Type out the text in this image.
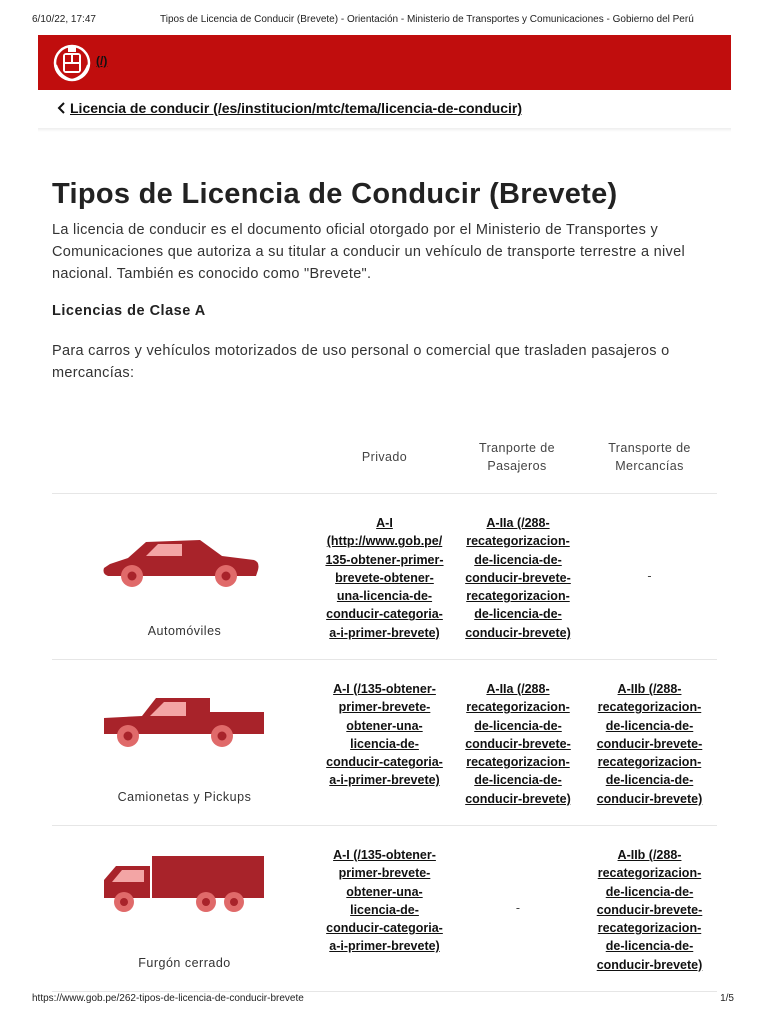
6/10/22, 17:47	Tipos de Licencia de Conducir (Brevete) - Orientación - Ministerio de Transportes y Comunicaciones - Gobierno del Perú
(/)
Licencia de conducir (/es/institucion/mtc/tema/licencia-de-conducir)
Tipos de Licencia de Conducir (Brevete)

La licencia de conducir es el documento oficial otorgado por el Ministerio de Transportes y Comunicaciones que autoriza a su titular a conducir un vehículo de transporte terrestre a nivel nacional. También es conocido como "Brevete".

Licencias de Clase A

Para carros y vehículos motorizados de uso personal o comercial que trasladen pasajeros o mercancías:

Privado
Tranporte de
Pasajeros
Transporte de
Mercancías
Automóviles
A-I
(http://www.gob.pe/
135-obtener-primer-
brevete-obtener-
una-licencia-de-
conducir-categoria-
a-i-primer-brevete)
A-IIa (/288-
recategorizacion-
de-licencia-de-
conducir-brevete-
recategorizacion-
de-licencia-de-
conducir-brevete)
-
Camionetas y Pickups
A-I (/135-obtener-
primer-brevete-
obtener-una-
licencia-de-
conducir-categoria-
a-i-primer-brevete)
A-IIa (/288-
recategorizacion-
de-licencia-de-
conducir-brevete-
recategorizacion-
de-licencia-de-
conducir-brevete)
A-IIb (/288-
recategorizacion-
de-licencia-de-
conducir-brevete-
recategorizacion-
de-licencia-de-
conducir-brevete)
Furgón cerrado
A-I (/135-obtener-
primer-brevete-
obtener-una-
licencia-de-
conducir-categoria-
a-i-primer-brevete)
-
A-IIb (/288-
recategorizacion-
de-licencia-de-
conducir-brevete-
recategorizacion-
de-licencia-de-
conducir-brevete)
https://www.gob.pe/262-tipos-de-licencia-de-conducir-brevete	1/5
